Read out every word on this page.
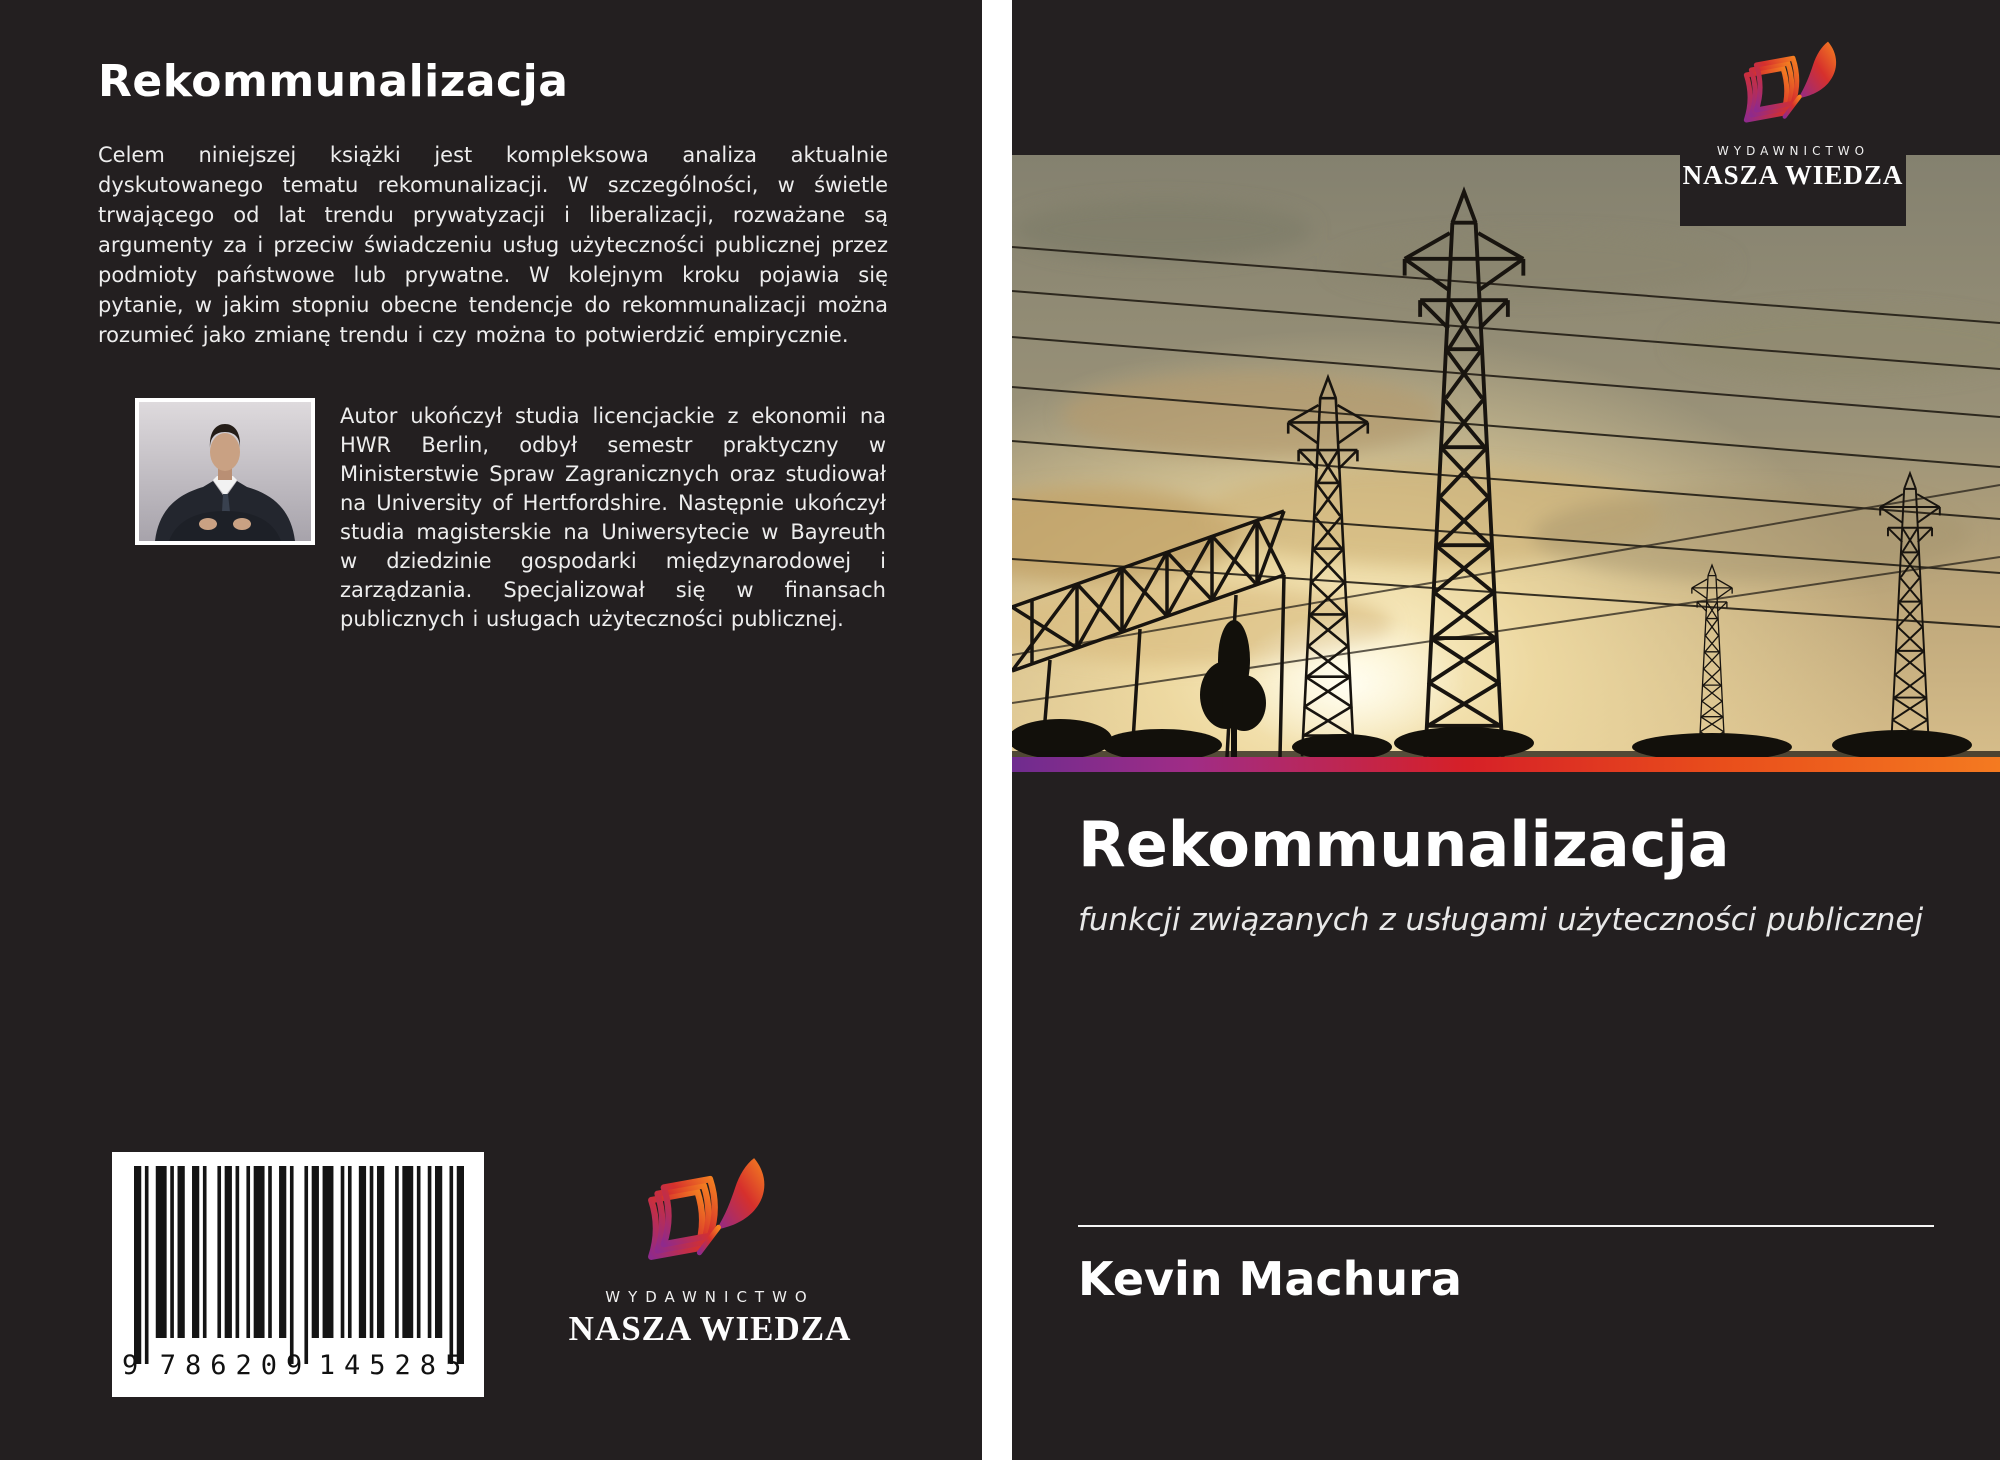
Rekommunalizacja
Celem niniejszej książki jest kompleksowa analiza aktualnie dyskutowanego tematu rekomunalizacji. W szczególności, w świetle trwającego od lat trendu prywatyzacji i liberalizacji, rozważane są argumenty za i przeciw świadczeniu usług użyteczności publicznej przez podmioty państwowe lub prywatne. W kolejnym kroku pojawia się pytanie, w jakim stopniu obecne tendencje do rekommunalizacji można rozumieć jako zmianę trendu i czy można to potwierdzić empirycznie.
Autor ukończył studia licencjackie z ekonomii na HWR Berlin, odbył semestr praktyczny w Ministerstwie Spraw Zagranicznych oraz studiował na University of Hertfordshire. Następnie ukończył studia magisterskie na Uniwersytecie w Bayreuth w dziedzinie gospodarki międzynarodowej i zarządzania. Specjalizował się w finansach publicznych i usługach użyteczności publicznej.
9 786209 145285
WYDAWNICTWO
NASZA WIEDZA
WYDAWNICTWO
NASZA WIEDZA
Rekommunalizacja
funkcji związanych z usługami użyteczności publicznej
Kevin Machura
